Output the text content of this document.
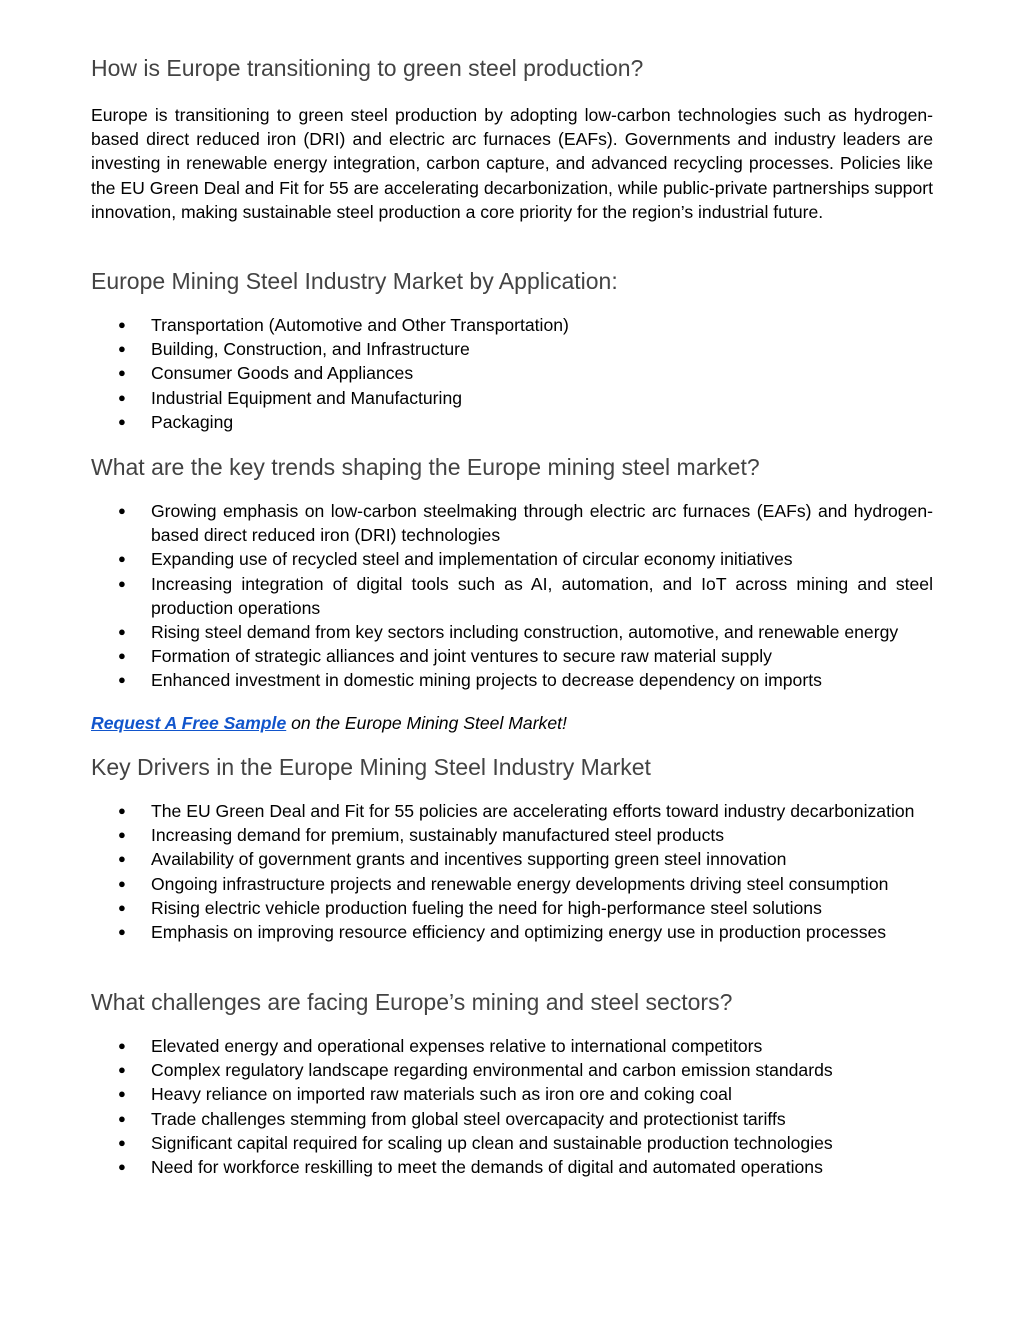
How is Europe transitioning to green steel production?

Europe is transitioning to green steel production by adopting low-carbon technologies such as hydrogen-based direct reduced iron (DRI) and electric arc furnaces (EAFs). Governments and industry leaders are investing in renewable energy integration, carbon capture, and advanced recycling processes. Policies like the EU Green Deal and Fit for 55 are accelerating decarbonization, while public-private partnerships support innovation, making sustainable steel production a core priority for the region’s industrial future.

Europe Mining Steel Industry Market by Application:
● Transportation (Automotive and Other Transportation)
● Building, Construction, and Infrastructure
● Consumer Goods and Appliances
● Industrial Equipment and Manufacturing
● Packaging
What are the key trends shaping the Europe mining steel market?
● Growing emphasis on low-carbon steelmaking through electric arc furnaces (EAFs) and hydrogen-based direct reduced iron (DRI) technologies
● Expanding use of recycled steel and implementation of circular economy initiatives
● Increasing integration of digital tools such as AI, automation, and IoT across mining and steel production operations
● Rising steel demand from key sectors including construction, automotive, and renewable energy
● Formation of strategic alliances and joint ventures to secure raw material supply
● Enhanced investment in domestic mining projects to decrease dependency on imports

Request A Free Sample on the Europe Mining Steel Market!

Key Drivers in the Europe Mining Steel Industry Market
● The EU Green Deal and Fit for 55 policies are accelerating efforts toward industry decarbonization
● Increasing demand for premium, sustainably manufactured steel products
● Availability of government grants and incentives supporting green steel innovation
● Ongoing infrastructure projects and renewable energy developments driving steel consumption
● Rising electric vehicle production fueling the need for high-performance steel solutions
● Emphasis on improving resource efficiency and optimizing energy use in production processes
What challenges are facing Europe’s mining and steel sectors?
● Elevated energy and operational expenses relative to international competitors
● Complex regulatory landscape regarding environmental and carbon emission standards
● Heavy reliance on imported raw materials such as iron ore and coking coal
● Trade challenges stemming from global steel overcapacity and protectionist tariffs
● Significant capital required for scaling up clean and sustainable production technologies
● Need for workforce reskilling to meet the demands of digital and automated operations
